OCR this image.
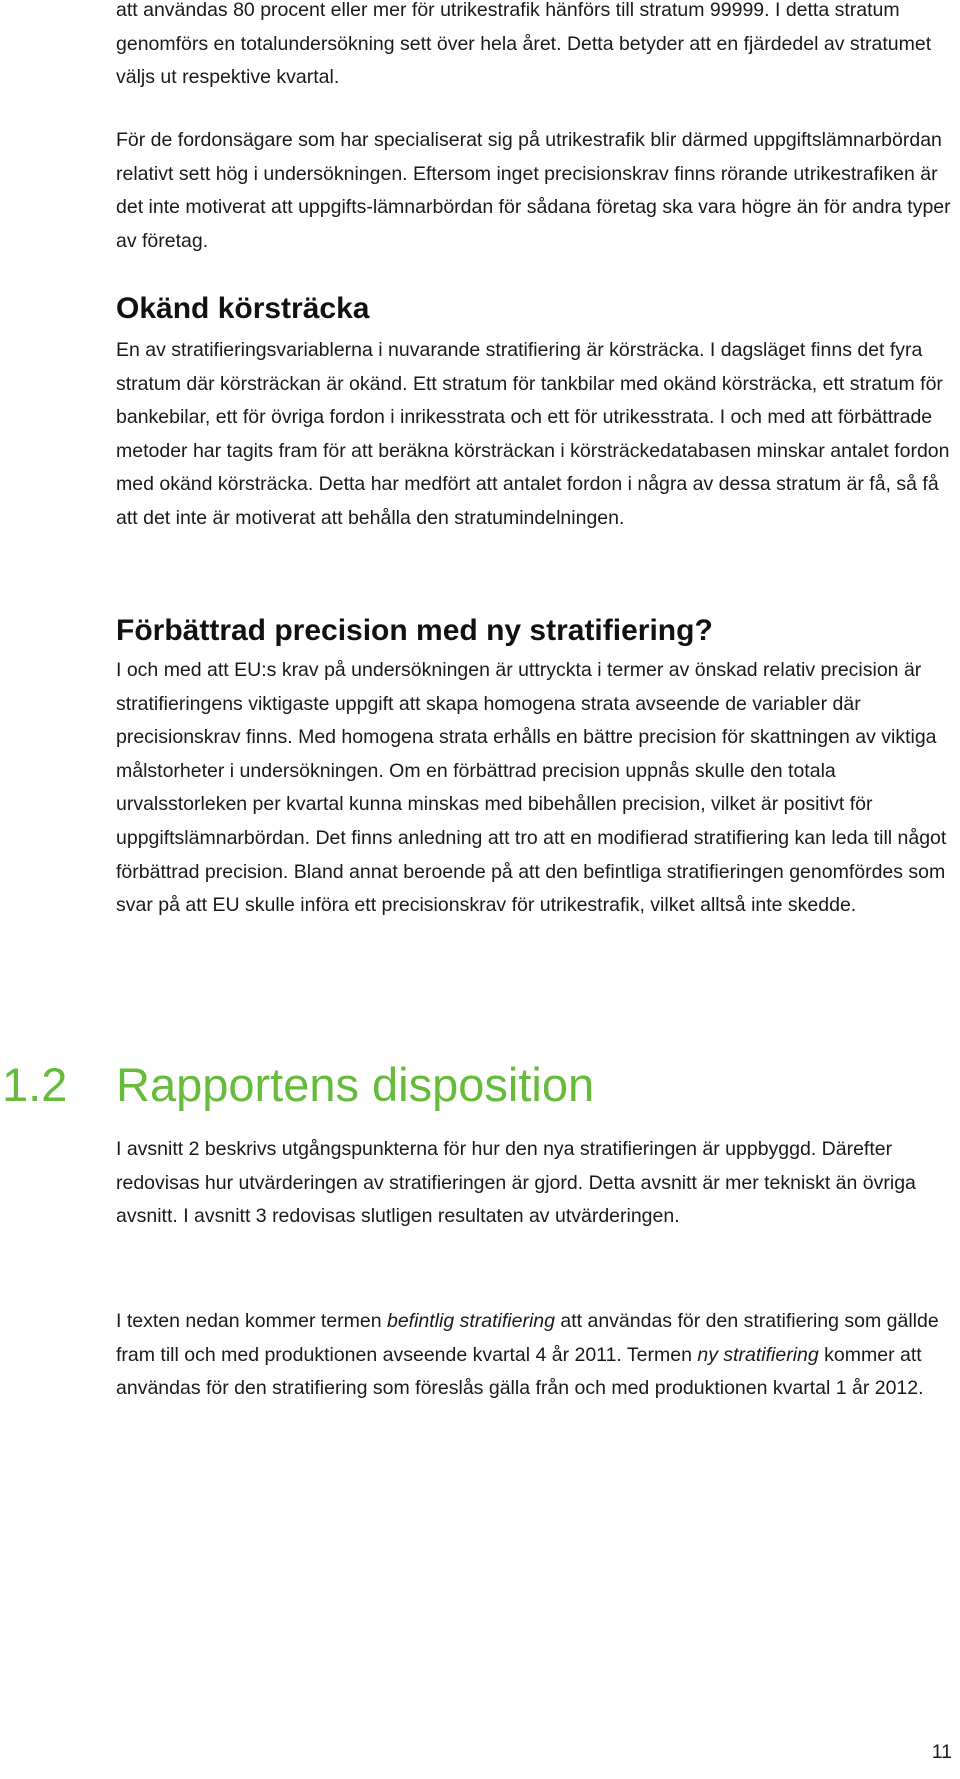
att användas 80 procent eller mer för utrikestrafik hänförs till stratum 99999. I detta stratum genomförs en totalundersökning sett över hela året. Detta betyder att en fjärdedel av stratumet väljs ut respektive kvartal.

För de fordonsägare som har specialiserat sig på utrikestrafik blir därmed uppgiftslämnarbördan relativt sett hög i undersökningen. Eftersom inget precisionskrav finns rörande utrikestrafiken är det inte motiverat att uppgifts-lämnarbördan för sådana företag ska vara högre än för andra typer av företag.

Okänd körsträcka

En av stratifieringsvariablerna i nuvarande stratifiering är körsträcka. I dagsläget finns det fyra stratum där körsträckan är okänd. Ett stratum för tankbilar med okänd körsträcka, ett stratum för bankebilar, ett för övriga fordon i inrikesstrata och ett för utrikesstrata. I och med att förbättrade metoder har tagits fram för att beräkna körsträckan i körsträckedatabasen minskar antalet fordon med okänd körsträcka. Detta har medfört att antalet fordon i några av dessa stratum är få, så få att det inte är motiverat att behålla den stratumindelningen.

Förbättrad precision med ny stratifiering?

I och med att EU:s krav på undersökningen är uttryckta i termer av önskad relativ precision är stratifieringens viktigaste uppgift att skapa homogena strata avseende de variabler där precisionskrav finns. Med homogena strata erhålls en bättre precision för skattningen av viktiga målstorheter i undersökningen. Om en förbättrad precision uppnås skulle den totala urvalsstorleken per kvartal kunna minskas med bibehållen precision, vilket är positivt för uppgiftslämnarbördan. Det finns anledning att tro att en modifierad stratifiering kan leda till något förbättrad precision. Bland annat beroende på att den befintliga stratifieringen genomfördes som svar på att EU skulle införa ett precisionskrav för utrikestrafik, vilket alltså inte skedde.

1.2 Rapportens disposition

I avsnitt 2 beskrivs utgångspunkterna för hur den nya stratifieringen är uppbyggd. Därefter redovisas hur utvärderingen av stratifieringen är gjord. Detta avsnitt är mer tekniskt än övriga avsnitt. I avsnitt 3 redovisas slutligen resultaten av utvärderingen.

I texten nedan kommer termen befintlig stratifiering att användas för den stratifiering som gällde fram till och med produktionen avseende kvartal 4 år 2011. Termen ny stratifiering kommer att användas för den stratifiering som föreslås gälla från och med produktionen kvartal 1 år 2012.

11
